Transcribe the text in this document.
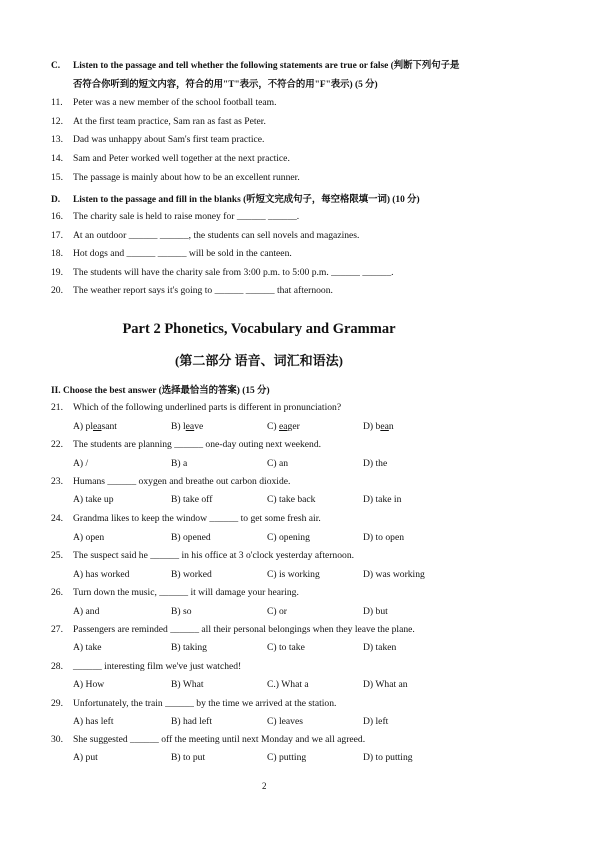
C. Listen to the passage and tell whether the following statements are true or false (判断下列句子是
否符合你听到的短文内容，符合的用"T"表示，不符合的用"F"表示) (5 分)
11. Peter was a new member of the school football team.
12. At the first team practice, Sam ran as fast as Peter.
13. Dad was unhappy about Sam's first team practice.
14. Sam and Peter worked well together at the next practice.
15. The passage is mainly about how to be an excellent runner.
D. Listen to the passage and fill in the blanks (听短文完成句子，每空格限填一词) (10 分)
16. The charity sale is held to raise money for ______ ______.
17. At an outdoor ______ ______, the students can sell novels and magazines.
18. Hot dogs and ______ ______ will be sold in the canteen.
19. The students will have the charity sale from 3:00 p.m. to 5:00 p.m. ______ ______.
20. The weather report says it's going to ______ ______ that afternoon.
Part 2 Phonetics, Vocabulary and Grammar
(第二部分 语音、词汇和语法)
II. Choose the best answer (选择最恰当的答案) (15 分)
21. Which of the following underlined parts is different in pronunciation?
A) pleasant	B) leave	C) eager	D) bean
22. The students are planning ______ one-day outing next weekend.
A) /	B) a	C) an	D) the
23. Humans ______ oxygen and breathe out carbon dioxide.
A) take up	B) take off	C) take back	D) take in
24. Grandma likes to keep the window ______ to get some fresh air.
A) open	B) opened	C) opening	D) to open
25. The suspect said he ______ in his office at 3 o'clock yesterday afternoon.
A) has worked	B) worked	C) is working	D) was working
26. Turn down the music, ______ it will damage your hearing.
A) and	B) so	C) or	D) but
27. Passengers are reminded ______ all their personal belongings when they leave the plane.
A) take	B) taking	C) to take	D) taken
28. ______ interesting film we've just watched!
A) How	B) What	C.) What a	D) What an
29. Unfortunately, the train ______ by the time we arrived at the station.
A) has left	B) had left	C) leaves	D) left
30. She suggested ______ off the meeting until next Monday and we all agreed.
A) put	B) to put	C) putting	D) to putting
2
